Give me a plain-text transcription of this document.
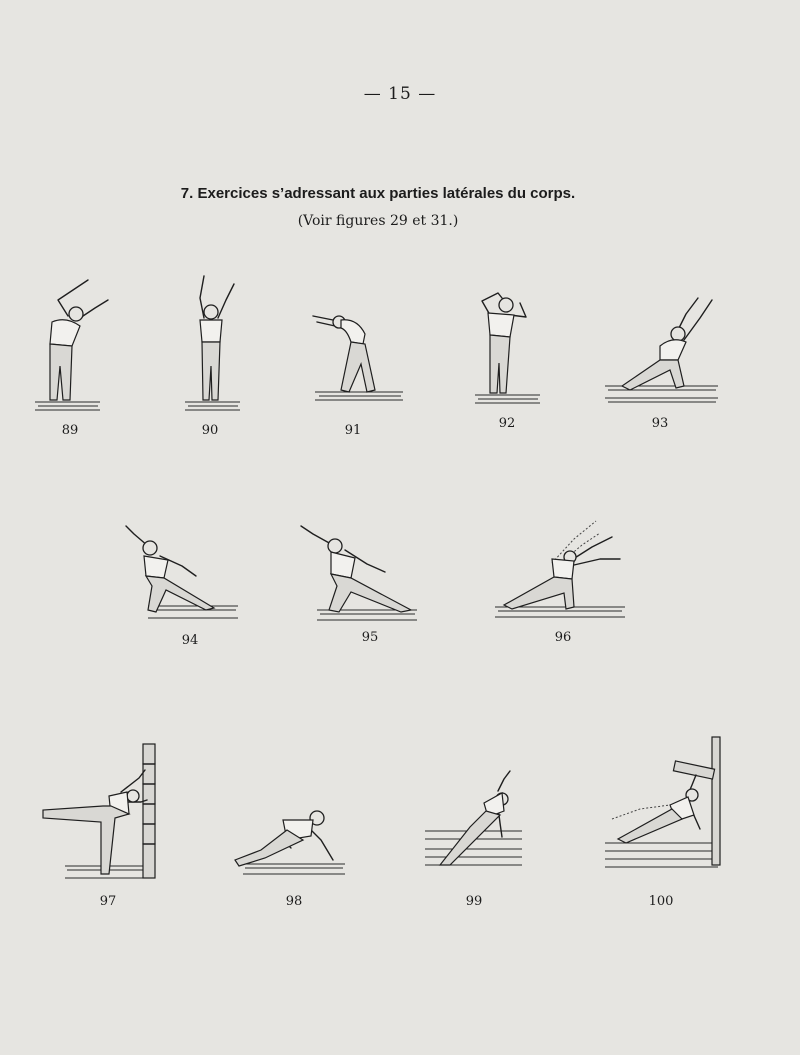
— 15 —
7. Exercices s’adressant aux parties latérales du corps.
(Voir figures 29 et 31.)
89	90	91	92	93
94	95	96
97	98	99	100
